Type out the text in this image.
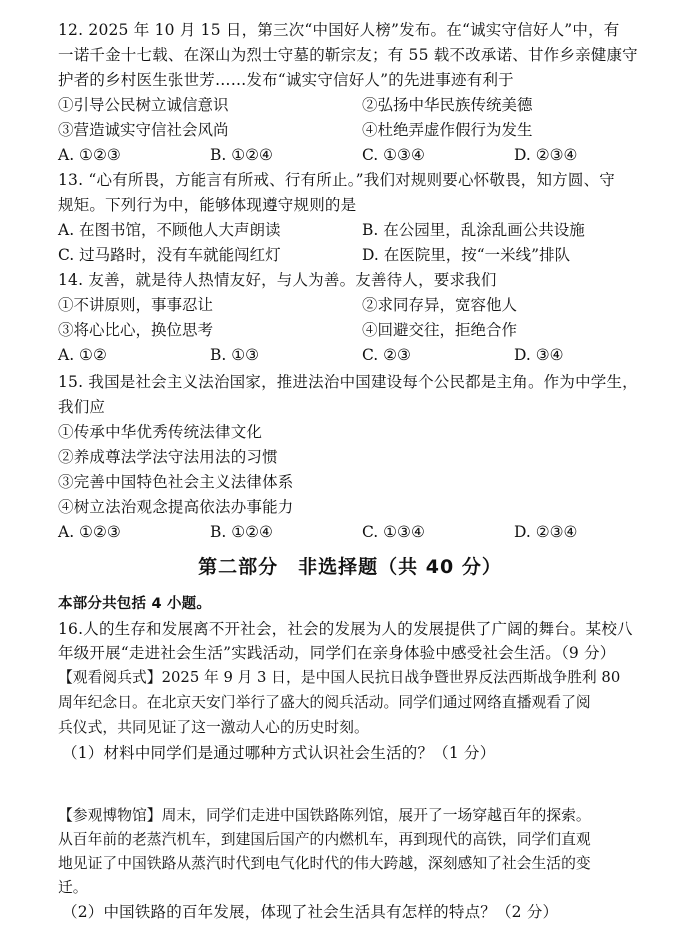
12. 2025 年 10 月 15 日，第三次“中国好人榜”发布。在“诚实守信好人”中，有
一诺千金十七载、在深山为烈士守墓的靳宗友；有 55 载不改承诺、甘作乡亲健康守
护者的乡村医生张世芳……发布“诚实守信好人”的先进事迹有利于
①引导公民树立诚信意识	②弘扬中华民族传统美德
③营造诚实守信社会风尚	④杜绝弄虚作假行为发生
A. ①②③	B. ①②④	C. ①③④	D. ②③④
13. “心有所畏，方能言有所戒、行有所止。”我们对规则要心怀敬畏，知方圆、守
规矩。下列行为中，能够体现遵守规则的是
A. 在图书馆，不顾他人大声朗读	B. 在公园里，乱涂乱画公共设施
C. 过马路时，没有车就能闯红灯	D. 在医院里，按“一米线”排队
14. 友善，就是待人热情友好，与人为善。友善待人，要求我们
①不讲原则，事事忍让	②求同存异，宽容他人
③将心比心，换位思考	④回避交往，拒绝合作
A. ①②	B. ①③	C. ②③	D. ③④
15. 我国是社会主义法治国家，推进法治中国建设每个公民都是主角。作为中学生，
我们应
①传承中华优秀传统法律文化
②养成尊法学法守法用法的习惯
③完善中国特色社会主义法律体系
④树立法治观念提高依法办事能力
A. ①②③	B. ①②④	C. ①③④	D. ②③④
第二部分　非选择题（共 40 分）
本部分共包括 4 小题。
16.人的生存和发展离不开社会，社会的发展为人的发展提供了广阔的舞台。某校八
年级开展“走进社会生活”实践活动，同学们在亲身体验中感受社会生活。（9 分）
【观看阅兵式】2025 年 9 月 3 日，是中国人民抗日战争暨世界反法西斯战争胜利 80
周年纪念日。在北京天安门举行了盛大的阅兵活动。同学们通过网络直播观看了阅
兵仪式，共同见证了这一激动人心的历史时刻。
（1）材料中同学们是通过哪种方式认识社会生活的？（1 分）
【参观博物馆】周末，同学们走进中国铁路陈列馆，展开了一场穿越百年的探索。
从百年前的老蒸汽机车，到建国后国产的内燃机车，再到现代的高铁，同学们直观
地见证了中国铁路从蒸汽时代到电气化时代的伟大跨越，深刻感知了社会生活的变
迁。
（2）中国铁路的百年发展，体现了社会生活具有怎样的特点？（2 分）
